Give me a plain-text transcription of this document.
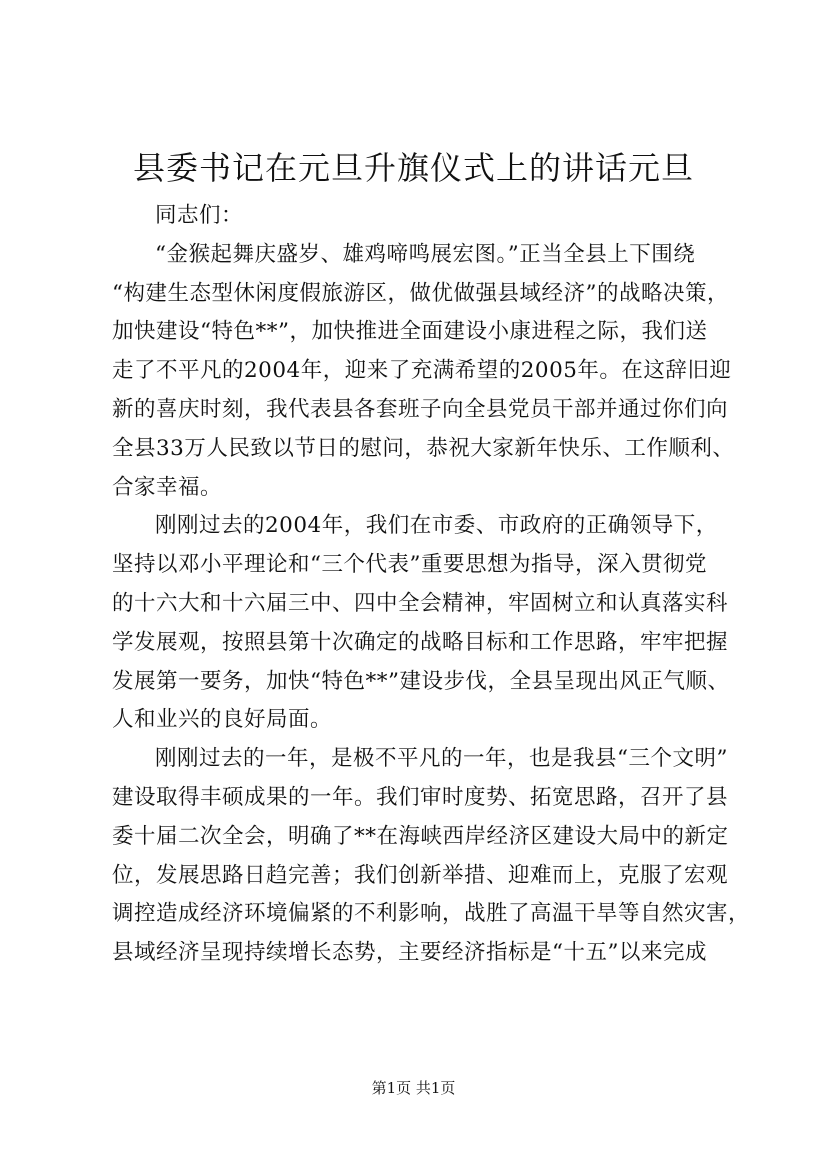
县委书记在元旦升旗仪式上的讲话元旦
同志们：
“金猴起舞庆盛岁、雄鸡啼鸣展宏图。”正当全县上下围绕
“构建生态型休闲度假旅游区，做优做强县域经济”的战略决策，
加快建设“特色**”，加快推进全面建设小康进程之际，我们送
走了不平凡的2004年，迎来了充满希望的2005年。在这辞旧迎
新的喜庆时刻，我代表县各套班子向全县党员干部并通过你们向
全县33万人民致以节日的慰问，恭祝大家新年快乐、工作顺利、
合家幸福。
刚刚过去的2004年，我们在市委、市政府的正确领导下，
坚持以邓小平理论和“三个代表”重要思想为指导，深入贯彻党
的十六大和十六届三中、四中全会精神，牢固树立和认真落实科
学发展观，按照县第十次确定的战略目标和工作思路，牢牢把握
发展第一要务，加快“特色**”建设步伐，全县呈现出风正气顺、
人和业兴的良好局面。
刚刚过去的一年，是极不平凡的一年，也是我县“三个文明”
建设取得丰硕成果的一年。我们审时度势、拓宽思路，召开了县
委十届二次全会，明确了**在海峡西岸经济区建设大局中的新定
位，发展思路日趋完善；我们创新举措、迎难而上，克服了宏观
调控造成经济环境偏紧的不利影响，战胜了高温干旱等自然灾害，
县域经济呈现持续增长态势，主要经济指标是“十五”以来完成
第1页 共1页
